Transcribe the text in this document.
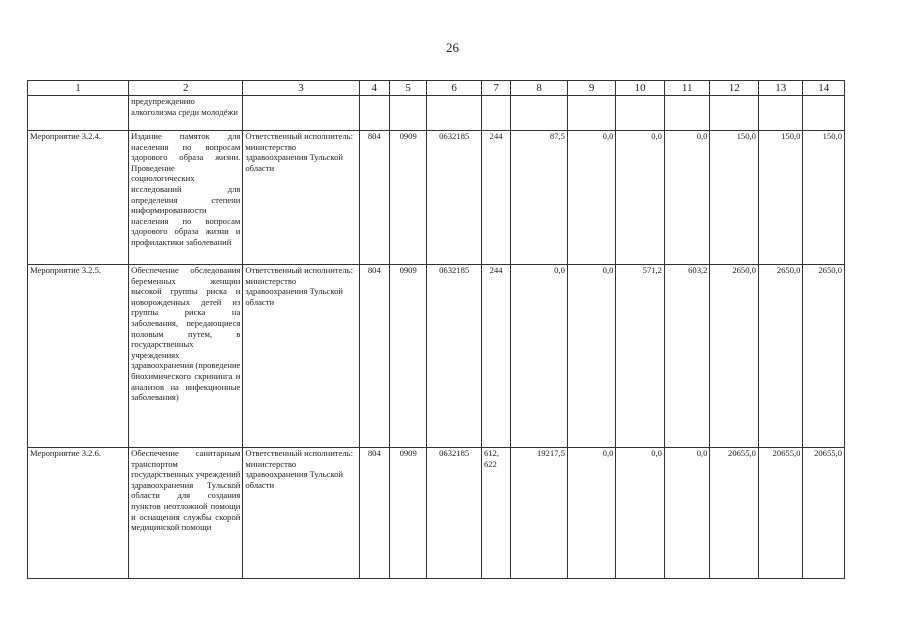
26
1	2	3	4	5	6	7	8	9	10	11	12	13	14
	предупреждению алкоголизма среди молодёжи												
Мероприятие 3.2.4.	Издание памяток для населения по вопросам здорового образа жизни. Проведение социологических исследований для определения степени информированности населения по вопросам здорового образа жизни и профилактики заболеваний	Ответственный исполнитель: министерство здравоохранения Тульской области	804	0909	0632185	244	87,5	0,0	0,0	0,0	150,0	150,0	150,0
Мероприятие 3.2.5.	Обеспечение обследования беременных женщин высокой группы риска и новорожденных детей из группы риска на заболевания, передающиеся половым путем, в государственных учреждениях здравоохранения (проведение биохимического скрининга и анализов на инфекционные заболевания)	Ответственный исполнитель: министерство здравоохранения Тульской области	804	0909	0632185	244	0,0	0,0	571,2	603,2	2650,0	2650,0	2650,0
Мероприятие 3.2.6.	Обеспечение санитарным транспортом государственных учреждений здравоохранения Тульской области для создания пунктов неотложной помощи и оснащения службы скорой медицинской помощи	Ответственный исполнитель: министерство здравоохранения Тульской области	804	0909	0632185	612, 622	19217,5	0,0	0,0	0,0	20655,0	20655,0	20655,0
